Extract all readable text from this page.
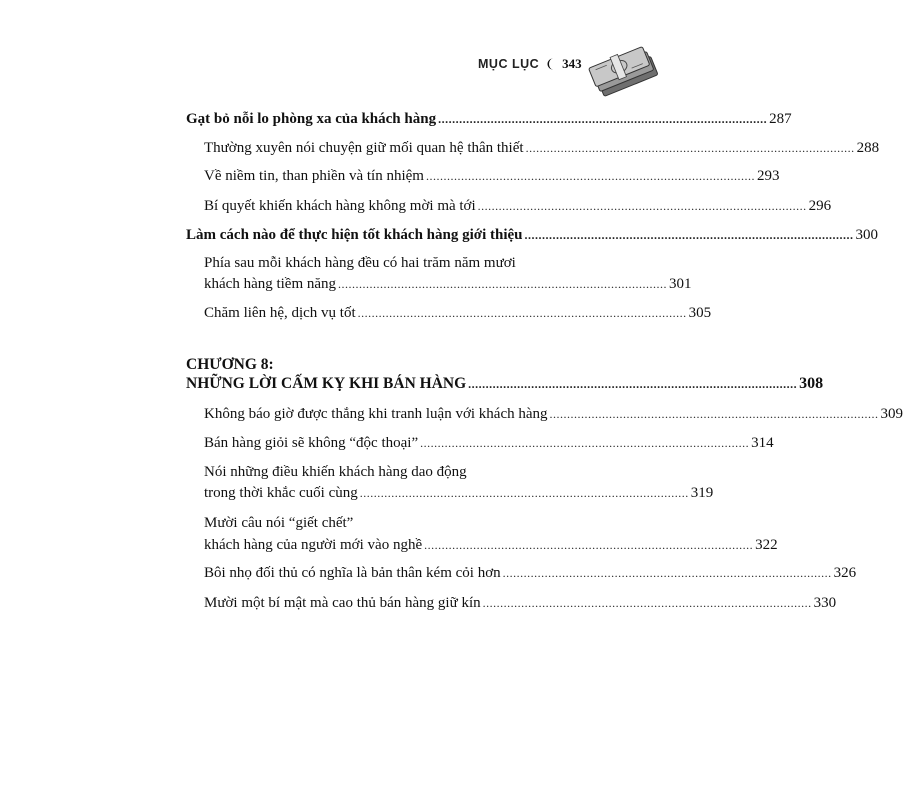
MỤC LỤC 343
Gạt bỏ nỗi lo phòng xa của khách hàng .............................................................................................. 287
Thường xuyên nói chuyện giữ mối quan hệ thân thiết .............................................................................................. 288
Về niềm tin, than phiền và tín nhiệm .............................................................................................. 293
Bí quyết khiến khách hàng không mời mà tới .............................................................................................. 296
Làm cách nào để thực hiện tốt khách hàng giới thiệu .............................................................................................. 300
Phía sau mỗi khách hàng đều có hai trăm năm mươi
khách hàng tiềm năng .............................................................................................. 301
Chăm liên hệ, dịch vụ tốt .............................................................................................. 305
CHƯƠNG 8:
NHỮNG LỜI CẤM KỴ KHI BÁN HÀNG .............................................................................................. 308
Không báo giờ được thắng khi tranh luận với khách hàng .............................................................................................. 309
Bán hàng giỏi sẽ không “độc thoại” .............................................................................................. 314
Nói những điều khiến khách hàng dao động
trong thời khắc cuối cùng .............................................................................................. 319
Mười câu nói “giết chết”
khách hàng của người mới vào nghề .............................................................................................. 322
Bôi nhọ đối thủ có nghĩa là bản thân kém cỏi hơn .............................................................................................. 326
Mười một bí mật mà cao thủ bán hàng giữ kín .............................................................................................. 330
